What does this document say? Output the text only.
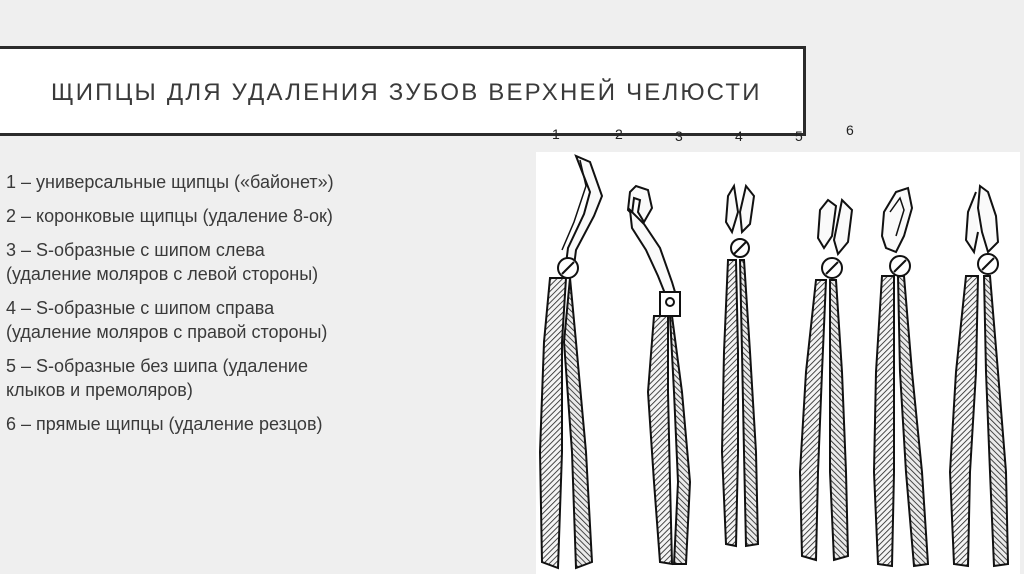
ЩИПЦЫ ДЛЯ УДАЛЕНИЯ ЗУБОВ ВЕРХНЕЙ ЧЕЛЮСТИ
1 – универсальные щипцы («байонет»)
2 – коронковые щипцы (удаление 8-ок)
3 – S-образные с шипом слева
(удаление моляров с левой стороны)
4 – S-образные с шипом справа
(удаление моляров с правой стороны)
5 – S-образные без шипа (удаление
клыков и премоляров)
6 – прямые щипцы (удаление резцов)
1	2	3	4	5	6
